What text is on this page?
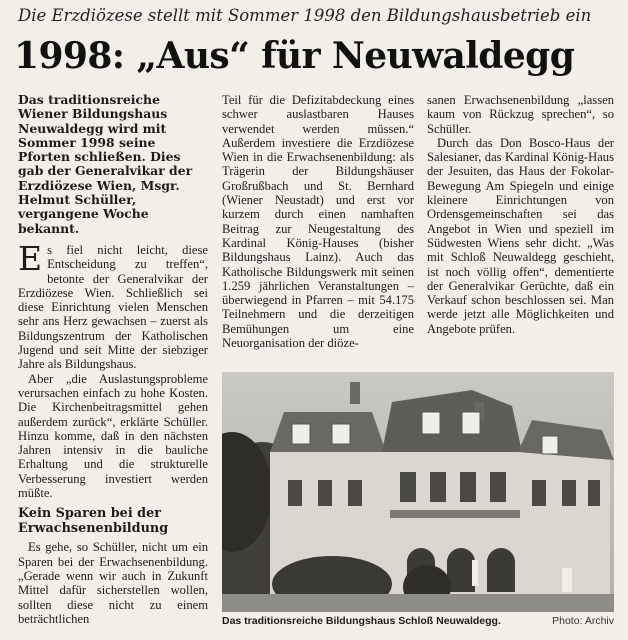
Die Erzdiözese stellt mit Sommer 1998 den Bildungshausbetrieb ein
1998: „Aus“ für Neuwaldegg
Das traditionsreiche Wiener Bildungshaus Neuwaldegg wird mit Sommer 1998 seine Pforten schließen. Dies gab der Generalvikar der Erzdiözese Wien, Msgr. Helmut Schüller, vergangene Woche bekannt.

Es fiel nicht leicht, diese Entscheidung zu treffen“, betonte der Generalvikar der Erzdiözese Wien. Schließlich sei diese Einrichtung vielen Menschen sehr ans Herz gewachsen – zuerst als Bildungszentrum der Katholischen Jugend und seit Mitte der siebziger Jahre als Bildungshaus.

Aber „die Auslastungsprobleme verursachen einfach zu hohe Kosten. Die Kirchenbeitragsmittel gehen außerdem zurück“, erklärte Schüller. Hinzu komme, daß in den nächsten Jahren intensiv in die bauliche Erhaltung und die strukturelle Verbesserung investiert werden müßte.

Kein Sparen bei der Erwachsenenbildung

Es gehe, so Schüller, nicht um ein Sparen bei der Erwachsenenbildung. „Gerade wenn wir auch in Zukunft Mittel dafür sicherstellen wollen, sollten diese nicht zu einem beträchtlichen

Teil für die Defizitabdeckung eines schwer auslastbaren Hauses verwendet werden müssen.“ Außerdem investiere die Erzdiözese Wien in die Erwachsenenbildung: als Trägerin der Bildungshäuser Großrußbach und St. Bernhard (Wiener Neustadt) und erst vor kurzem durch einen namhaften Beitrag zur Neugestaltung des Kardinal König-Hauses (bisher Bildungshaus Lainz). Auch das Katholische Bildungswerk mit seinen 1.259 jährlichen Veranstaltungen – überwiegend in Pfarren – mit 54.175 Teilnehmern und die derzeitigen Bemühungen um eine Neuorganisation der diöze-

sanen Erwachsenenbildung „lassen kaum von Rückzug sprechen“, so Schüller.

Durch das Don Bosco-Haus der Salesianer, das Kardinal König-Haus der Jesuiten, das Haus der Fokolar-Bewegung Am Spiegeln und einige kleinere Einrichtungen von Ordensgemeinschaften sei das Angebot in Wien und speziell im Südwesten Wiens sehr dicht. „Was mit Schloß Neuwaldegg geschieht, ist noch völlig offen“, dementierte der Generalvikar Gerüchte, daß ein Verkauf schon beschlossen sei. Man werde jetzt alle Möglichkeiten und Angebote prüfen.

Das traditionsreiche Bildungshaus Schloß Neuwaldegg.	Photo: Archiv
